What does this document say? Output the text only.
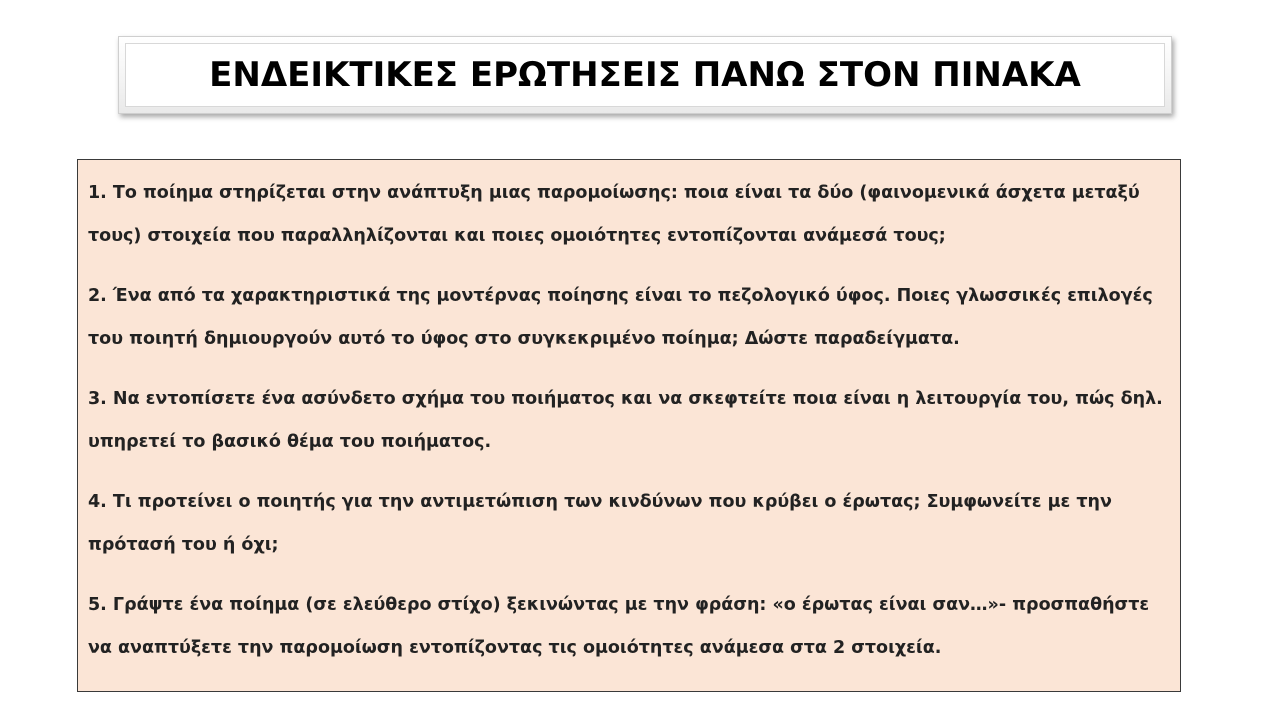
ΕΝΔΕΙΚΤΙΚΕΣ ΕΡΩΤΗΣΕΙΣ ΠΑΝΩ ΣΤΟΝ ΠΙΝΑΚΑ

1. Το ποίημα στηρίζεται στην ανάπτυξη μιας παρομοίωσης: ποια είναι τα δύο (φαινομενικά άσχετα μεταξύ τους) στοιχεία που παραλληλίζονται και ποιες ομοιότητες εντοπίζονται ανάμεσά τους;

2. Ένα από τα χαρακτηριστικά της μοντέρνας ποίησης είναι το πεζολογικό ύφος. Ποιες γλωσσικές επιλογές του ποιητή δημιουργούν αυτό το ύφος στο συγκεκριμένο ποίημα; Δώστε παραδείγματα.

3. Να εντοπίσετε ένα ασύνδετο σχήμα του ποιήματος και να σκεφτείτε ποια είναι η λειτουργία του, πώς δηλ. υπηρετεί το βασικό θέμα του ποιήματος.

4. Τι προτείνει ο ποιητής για την αντιμετώπιση των κινδύνων που κρύβει ο έρωτας; Συμφωνείτε με την πρότασή του ή όχι;

5. Γράψτε ένα ποίημα (σε ελεύθερο στίχο) ξεκινώντας με την φράση: «ο έρωτας είναι σαν…»- προσπαθήστε να αναπτύξετε την παρομοίωση εντοπίζοντας τις ομοιότητες ανάμεσα στα 2 στοιχεία.
